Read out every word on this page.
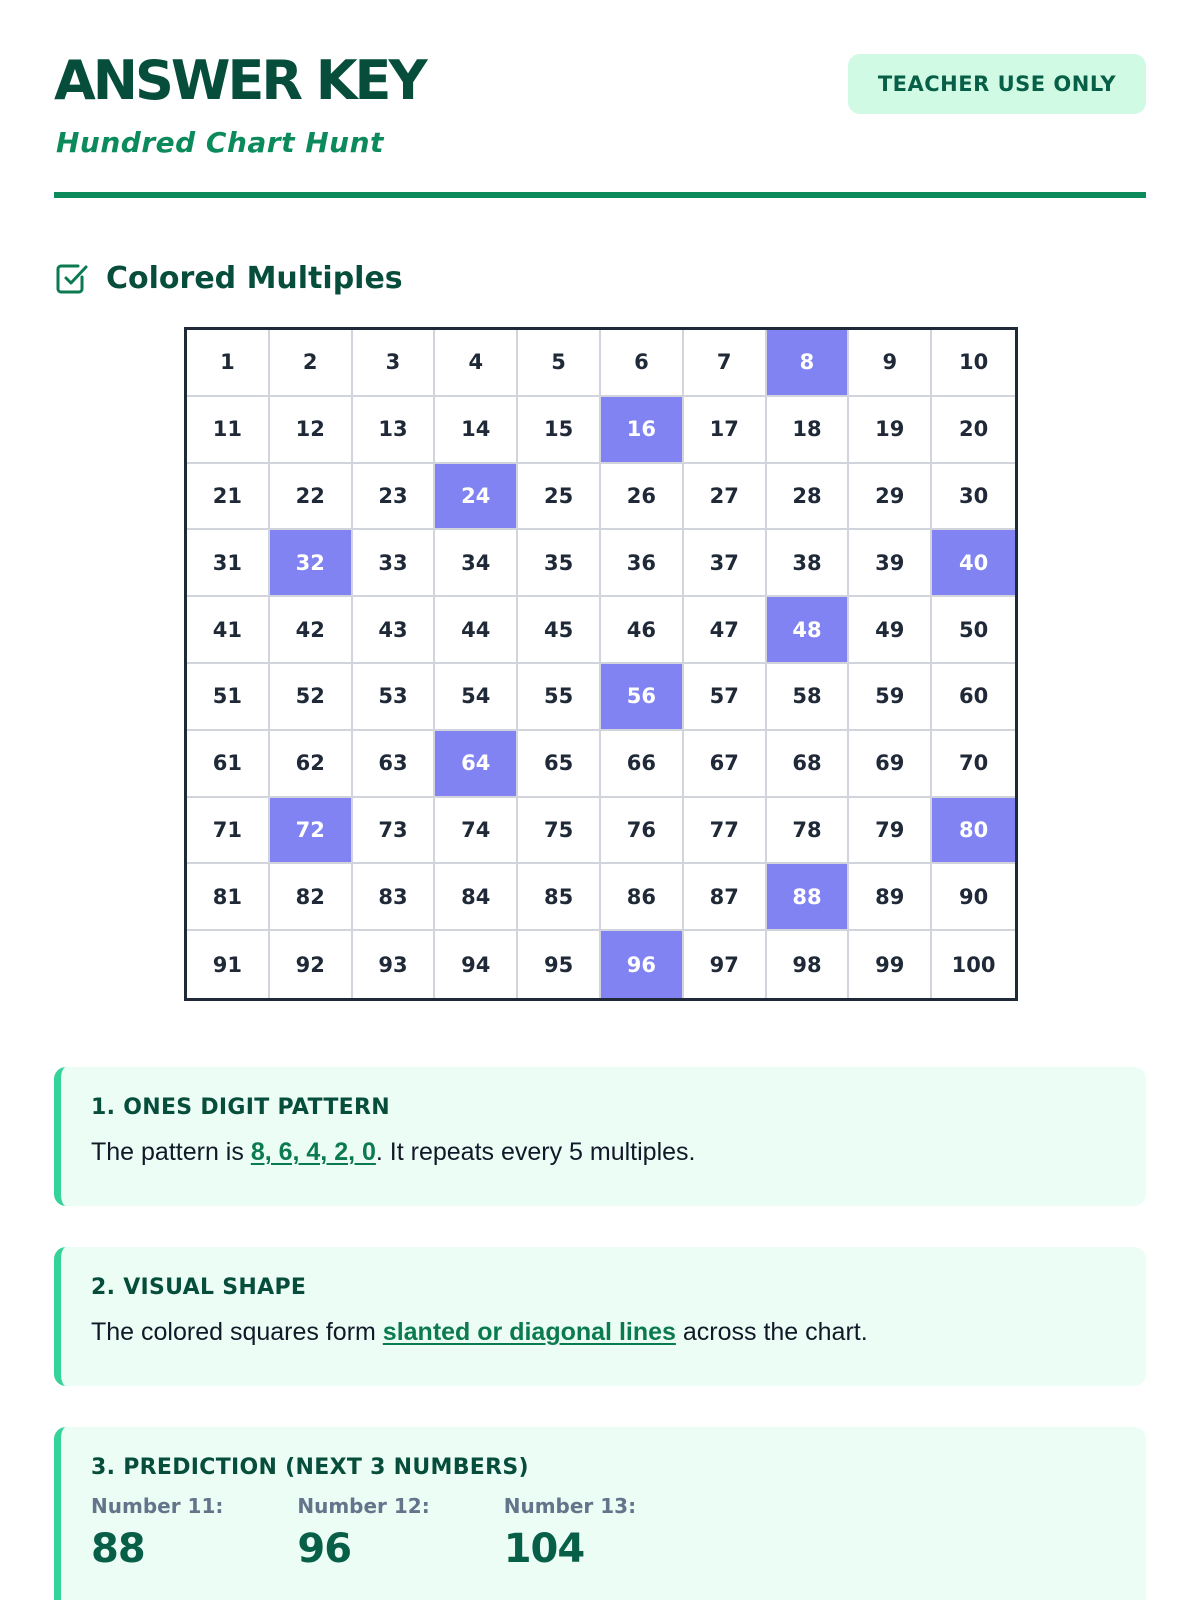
ANSWER KEY
Hundred Chart Hunt
TEACHER USE ONLY
Colored Multiples
1	2	3	4	5	6	7	8	9	10
11	12	13	14	15	16	17	18	19	20
21	22	23	24	25	26	27	28	29	30
31	32	33	34	35	36	37	38	39	40
41	42	43	44	45	46	47	48	49	50
51	52	53	54	55	56	57	58	59	60
61	62	63	64	65	66	67	68	69	70
71	72	73	74	75	76	77	78	79	80
81	82	83	84	85	86	87	88	89	90
91	92	93	94	95	96	97	98	99	100
1. ONES DIGIT PATTERN
The pattern is 8, 6, 4, 2, 0. It repeats every 5 multiples.
2. VISUAL SHAPE
The colored squares form slanted or diagonal lines across the chart.
3. PREDICTION (NEXT 3 NUMBERS)
Number 11:
88
Number 12:
96
Number 13:
104
